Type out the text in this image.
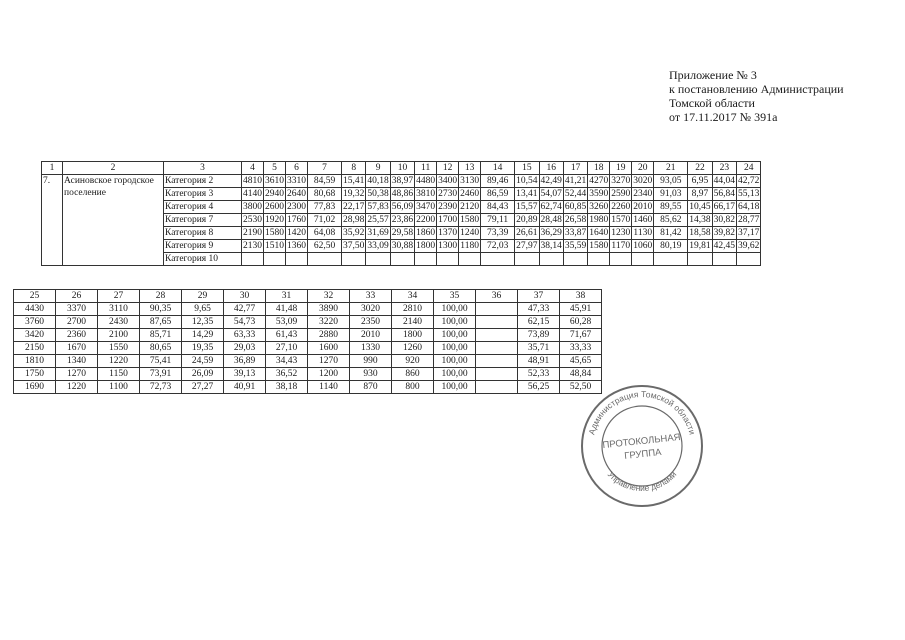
Приложение № 3
к постановлению Администрации
Томской области
от 17.11.2017 № 391а
1	2	3	4	5	6	7	8	9	10	11	12	13	14	15	16	17	18	19	20	21	22	23	24
7.	Асиновское городское поселение	Категория 2	4810	3610	3310	84,59	15,41	40,18	38,97	4480	3400	3130	89,46	10,54	42,49	41,21	4270	3270	3020	93,05	6,95	44,04	42,72
		Категория 3	4140	2940	2640	80,68	19,32	50,38	48,86	3810	2730	2460	86,59	13,41	54,07	52,44	3590	2590	2340	91,03	8,97	56,84	55,13
		Категория 4	3800	2600	2300	77,83	22,17	57,83	56,09	3470	2390	2120	84,43	15,57	62,74	60,85	3260	2260	2010	89,55	10,45	66,17	64,18
		Категория 7	2530	1920	1760	71,02	28,98	25,57	23,86	2200	1700	1580	79,11	20,89	28,48	26,58	1980	1570	1460	85,62	14,38	30,82	28,77
		Категория 8	2190	1580	1420	64,08	35,92	31,69	29,58	1860	1370	1240	73,39	26,61	36,29	33,87	1640	1230	1130	81,42	18,58	39,82	37,17
		Категория 9	2130	1510	1360	62,50	37,50	33,09	30,88	1800	1300	1180	72,03	27,97	38,14	35,59	1580	1170	1060	80,19	19,81	42,45	39,62
		Категория 10																					
25	26	27	28	29	30	31	32	33	34	35	36	37	38
4430	3370	3110	90,35	9,65	42,77	41,48	3890	3020	2810	100,00		47,33	45,91
3760	2700	2430	87,65	12,35	54,73	53,09	3220	2350	2140	100,00		62,15	60,28
3420	2360	2100	85,71	14,29	63,33	61,43	2880	2010	1800	100,00		73,89	71,67
2150	1670	1550	80,65	19,35	29,03	27,10	1600	1330	1260	100,00		35,71	33,33
1810	1340	1220	75,41	24,59	36,89	34,43	1270	990	920	100,00		48,91	45,65
1750	1270	1150	73,91	26,09	39,13	36,52	1200	930	860	100,00		52,33	48,84
1690	1220	1100	72,73	27,27	40,91	38,18	1140	870	800	100,00		56,25	52,50
Администрация Томской области
Управление делами
ПРОТОКОЛЬНАЯ
ГРУППА
